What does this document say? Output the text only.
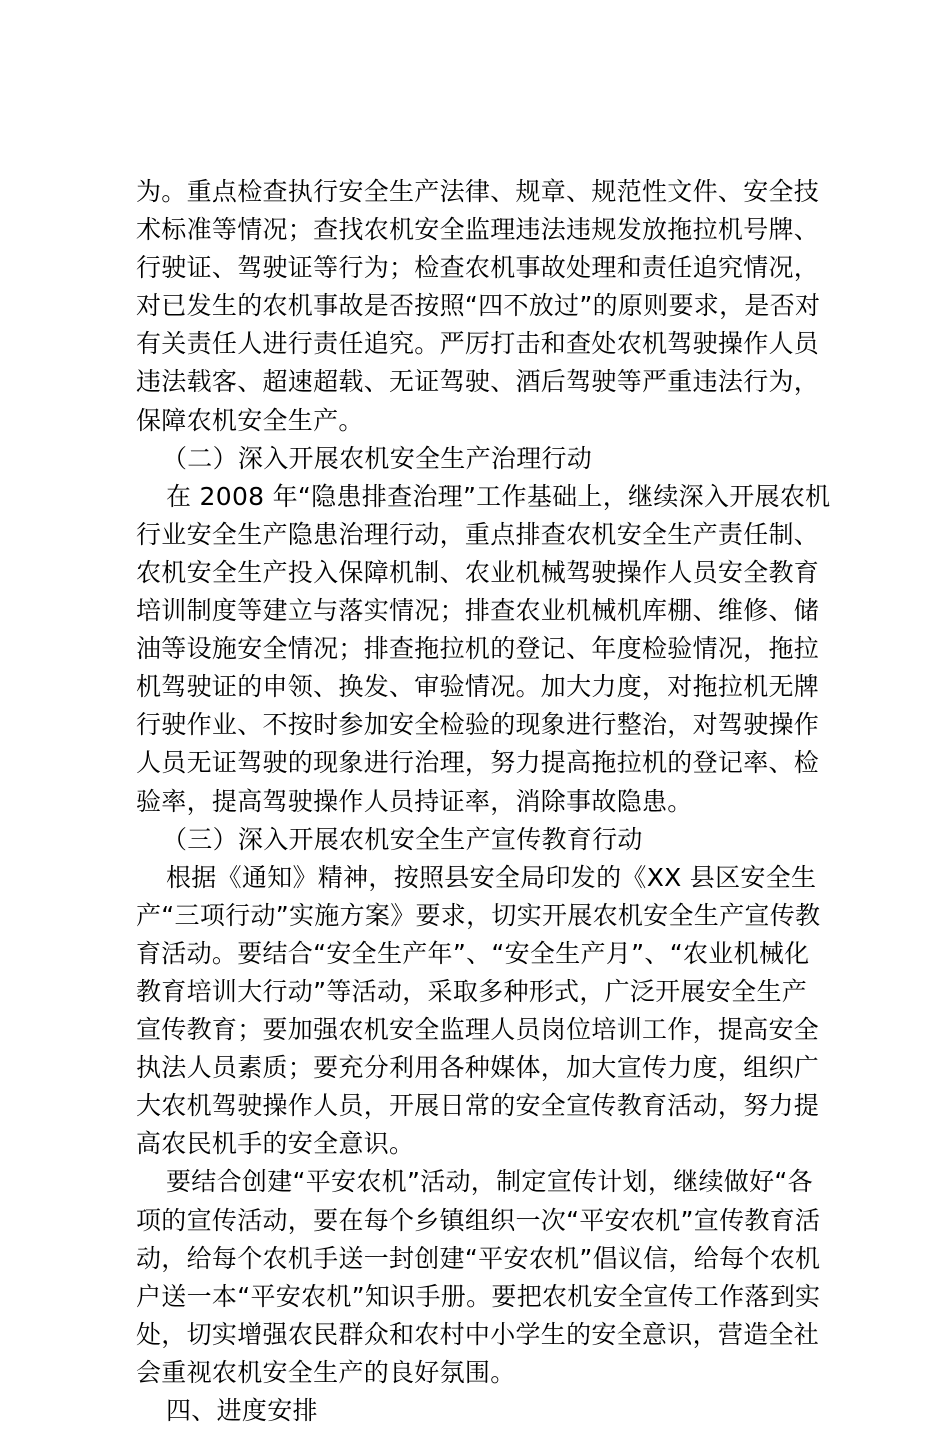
为。重点检查执行安全生产法律、规章、规范性文件、安全技
术标准等情况；查找农机安全监理违法违规发放拖拉机号牌、
行驶证、驾驶证等行为；检查农机事故处理和责任追究情况，
对已发生的农机事故是否按照“四不放过”的原则要求，是否对
有关责任人进行责任追究。严厉打击和查处农机驾驶操作人员
违法载客、超速超载、无证驾驶、酒后驾驶等严重违法行为，
保障农机安全生产。
（二）深入开展农机安全生产治理行动
在 2008 年“隐患排查治理”工作基础上，继续深入开展农机
行业安全生产隐患治理行动，重点排查农机安全生产责任制、
农机安全生产投入保障机制、农业机械驾驶操作人员安全教育
培训制度等建立与落实情况；排查农业机械机库棚、维修、储
油等设施安全情况；排查拖拉机的登记、年度检验情况，拖拉
机驾驶证的申领、换发、审验情况。加大力度，对拖拉机无牌
行驶作业、不按时参加安全检验的现象进行整治，对驾驶操作
人员无证驾驶的现象进行治理，努力提高拖拉机的登记率、检
验率，提高驾驶操作人员持证率，消除事故隐患。
（三）深入开展农机安全生产宣传教育行动
根据《通知》精神，按照县安全局印发的《XX 县区安全生
产“三项行动”实施方案》要求，切实开展农机安全生产宣传教
育活动。要结合“安全生产年”、“安全生产月”、“农业机械化
教育培训大行动”等活动，采取多种形式，广泛开展安全生产
宣传教育；要加强农机安全监理人员岗位培训工作，提高安全
执法人员素质；要充分利用各种媒体，加大宣传力度，组织广
大农机驾驶操作人员，开展日常的安全宣传教育活动，努力提
高农民机手的安全意识。
要结合创建“平安农机”活动，制定宣传计划，继续做好“各
项的宣传活动，要在每个乡镇组织一次“平安农机”宣传教育活
动，给每个农机手送一封创建“平安农机”倡议信，给每个农机
户送一本“平安农机”知识手册。要把农机安全宣传工作落到实
处，切实增强农民群众和农村中小学生的安全意识，营造全社
会重视农机安全生产的良好氛围。
四、进度安排
